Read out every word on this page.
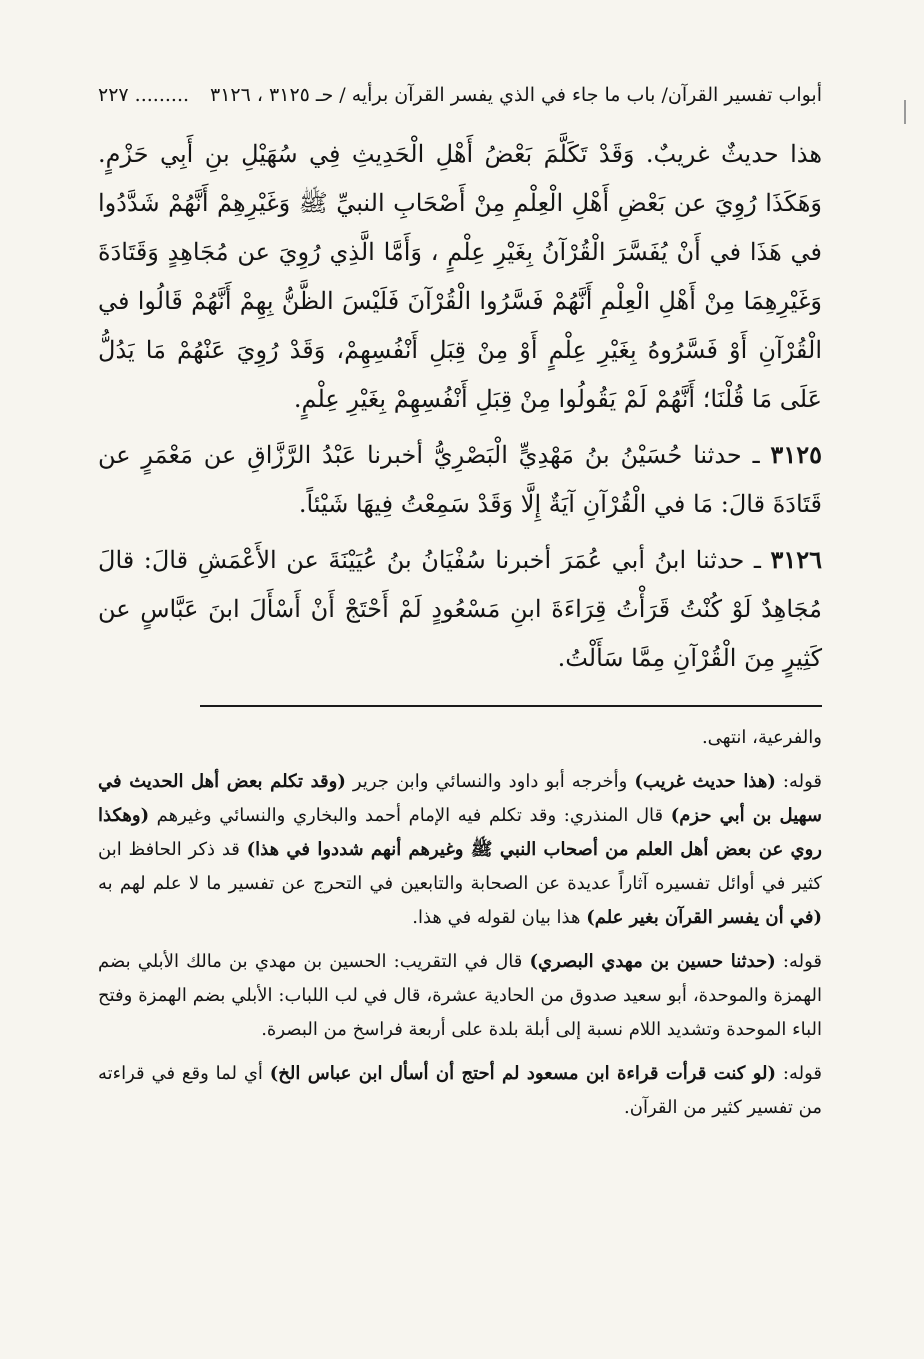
أبواب تفسير القرآن/ باب ما جاء في الذي يفسر القرآن برأيه / حـ ٣١٢٥ ، ٣١٢٦
......... ٢٢٧

هذا حديثٌ غريبٌ. وَقَدْ تَكَلَّمَ بَعْضُ أَهْلِ الْحَدِيثِ فِي سُهَيْلِ بنِ أَبِي حَزْمٍ. وَهَكَذَا رُوِيَ عن بَعْضِ أَهْلِ الْعِلْمِ مِنْ أَصْحَابِ النبيِّ ﷺ وَغَيْرِهِمْ أَنَّهُمْ شَدَّدُوا في هَذَا في أَنْ يُفَسَّرَ الْقُرْآنُ بِغَيْرِ عِلْمٍ ، وَأَمَّا الَّذِي رُوِيَ عن مُجَاهِدٍ وَقَتَادَةَ وَغَيْرِهِمَا مِنْ أَهْلِ الْعِلْمِ أَنَّهُمْ فَسَّرُوا الْقُرْآنَ فَلَيْسَ الظَّنُّ بِهِمْ أَنَّهُمْ قَالُوا في الْقُرْآنِ أَوْ فَسَّرُوهُ بِغَيْرِ عِلْمٍ أَوْ مِنْ قِبَلِ أَنْفُسِهِمْ، وَقَدْ رُوِيَ عَنْهُمْ مَا يَدُلُّ عَلَى مَا قُلْنَا؛ أَنَّهُمْ لَمْ يَقُولُوا مِنْ قِبَلِ أَنْفُسِهِمْ بِغَيْرِ عِلْمٍ.

٣١٢٥ ـ حدثنا حُسَيْنُ بنُ مَهْدِيٍّ الْبَصْرِيُّ أخبرنا عَبْدُ الرَّزَّاقِ عن مَعْمَرٍ عن قَتَادَةَ قالَ: مَا في الْقُرْآنِ آيَةٌ إِلَّا وَقَدْ سَمِعْتُ فِيهَا شَيْئاً.

٣١٢٦ ـ حدثنا ابنُ أبي عُمَرَ أخبرنا سُفْيَانُ بنُ عُيَيْنَةَ عن الأَعْمَشِ قالَ: قالَ مُجَاهِدٌ لَوْ كُنْتُ قَرَأْتُ قِرَاءَةَ ابنِ مَسْعُودٍ لَمْ أَحْتَجْ أَنْ أَسْأَلَ ابنَ عَبَّاسٍ عن كَثِيرٍ مِنَ الْقُرْآنِ مِمَّا سَأَلْتُ.

والفرعية، انتهى.

قوله: (هذا حديث غريب) وأخرجه أبو داود والنسائي وابن جرير (وقد تكلم بعض أهل الحديث في سهيل بن أبي حزم) قال المنذري: وقد تكلم فيه الإمام أحمد والبخاري والنسائي وغيرهم (وهكذا روي عن بعض أهل العلم من أصحاب النبي ﷺ وغيرهم أنهم شددوا في هذا) قد ذكر الحافظ ابن كثير في أوائل تفسيره آثاراً عديدة عن الصحابة والتابعين في التحرج عن تفسير ما لا علم لهم به (في أن يفسر القرآن بغير علم) هذا بيان لقوله في هذا.

قوله: (حدثنا حسين بن مهدي البصري) قال في التقريب: الحسين بن مهدي بن مالك الأبلي بضم الهمزة والموحدة، أبو سعيد صدوق من الحادية عشرة، قال في لب اللباب: الأبلي بضم الهمزة وفتح الباء الموحدة وتشديد اللام نسبة إلى أبلة بلدة على أربعة فراسخ من البصرة.

قوله: (لو كنت قرأت قراءة ابن مسعود لم أحتج أن أسأل ابن عباس الخ) أي لما وقع في قراءته من تفسير كثير من القرآن.
